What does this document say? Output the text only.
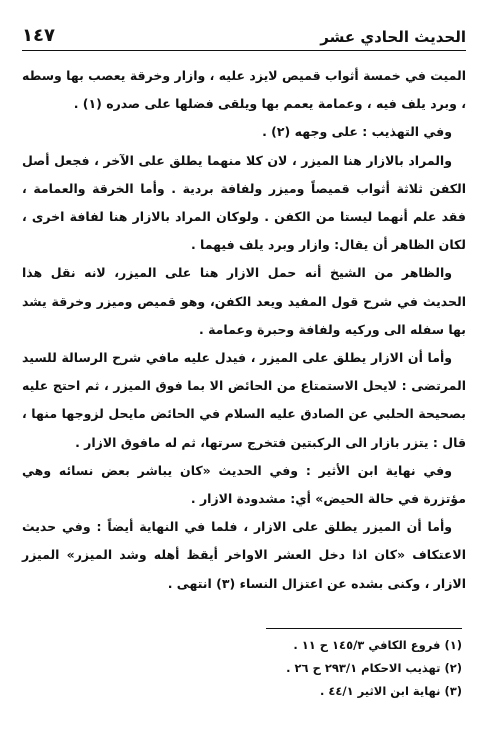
١٤٧	الحديث الحادي عشر

الميت في خمسة أثواب قميص لايزد عليه ، وازار وخرقة يعصب بها وسطه ، وبرد يلف فيه ، وعمامة يعمم بها ويلقى فضلها على صدره (١) .

وفي التهذيب : على وجهه (٢) .

والمراد بالازار هنا الميزر ، لان كلا منهما يطلق على الآخر ، فجعل أصل الكفن ثلاثة أثواب قميصاً وميزر ولفافة بردية . وأما الخرقة والعمامة ، فقد علم أنهما ليستا من الكفن . ولوكان المراد بالازار هنا لفافة اخرى ، لكان الظاهر أن يقال: وازار وبرد يلف فيهما .

والظاهر من الشيخ أنه حمل الازار هنا على الميزر، لانه نقل هذا الحديث في شرح قول المفيد ويعد الكفن، وهو قميص وميزر وخرقة يشد بها سفله الى وركيه ولفافة وحبرة وعمامة .

وأما أن الازار يطلق على الميزر ، فيدل عليه مافي شرح الرسالة للسيد المرتضى : لايحل الاستمتاع من الحائض الا بما فوق الميزر ، ثم احتج عليه بصحيحة الحلبي عن الصادق عليه السلام في الحائض مايحل لزوجها منها ، قال : يتزر بازار الى الركبتين فتخرج سرتها، ثم له مافوق الازار .

وفي نهاية ابن الأثير : وفي الحديث «كان يباشر بعض نسائه وهي مؤتزرة في حالة الحيض» أي: مشدودة الازار .

وأما أن الميزر يطلق على الازار ، فلما في النهاية أيضاً : وفي حديث الاعتكاف «كان اذا دخل العشر الاواخر أيقظ أهله وشد الميزر» الميزر الازار ، وكنى بشده عن اعتزال النساء (٣) انتهى .

(١) فروع الكافي ١٤٥/٣ ح ١١ .

(٢) تهذيب الاحكام ٢٩٣/١ ح ٢٦ .

(٣) نهاية ابن الاثير ٤٤/١ .
